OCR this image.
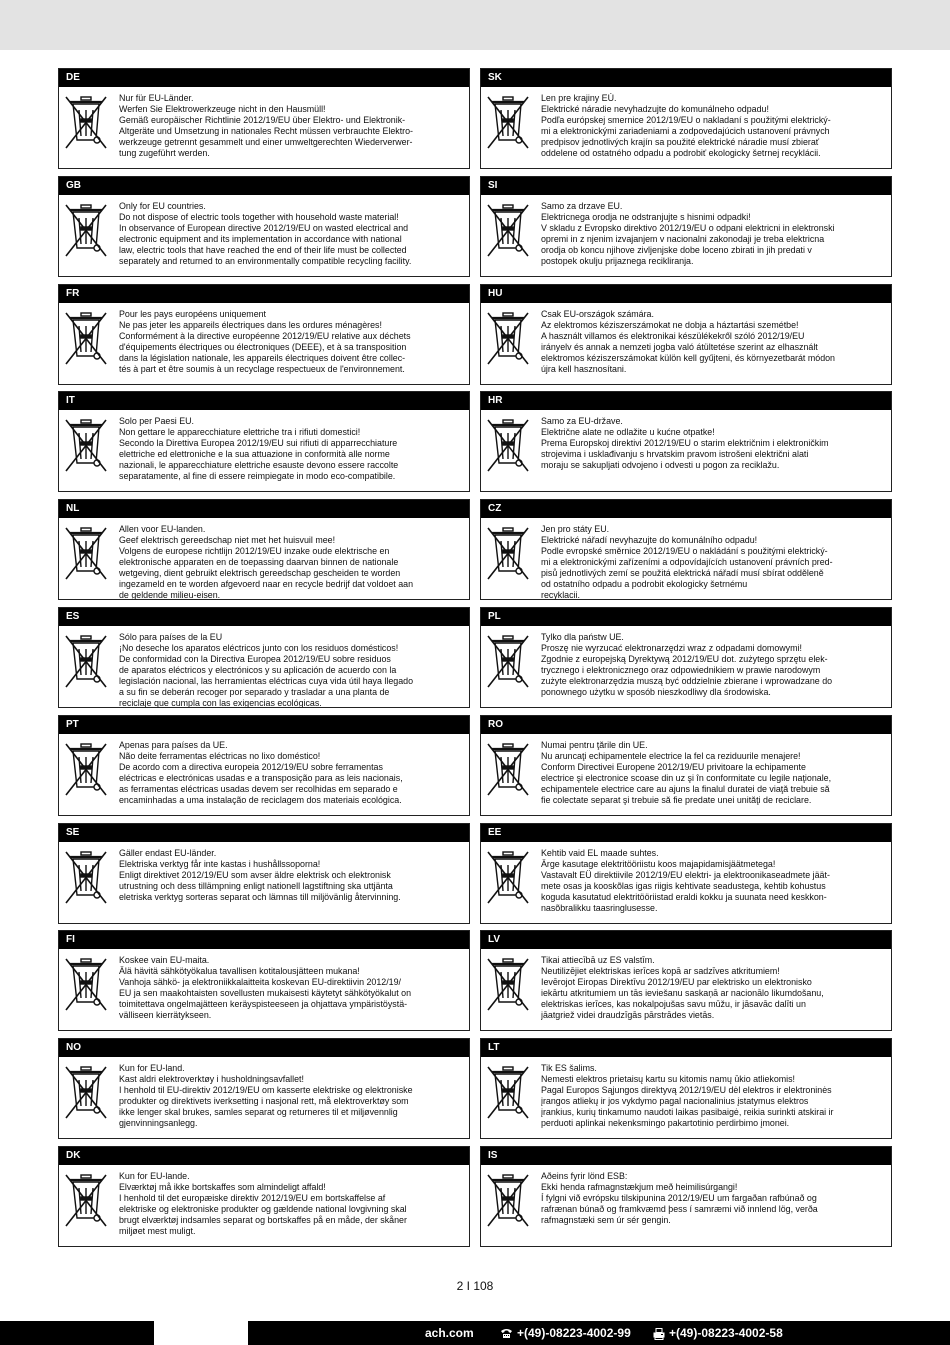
DE
Nur für EU-Länder.
Werfen Sie Elektrowerkzeuge nicht in den Hausmüll!
Gemäß europäischer Richtlinie 2012/19/EU über Elektro- und Elektronik-
Altgeräte und Umsetzung in nationales Recht müssen verbrauchte Elektro-
werkzeuge getrennt gesammelt und einer umweltgerechten Wiederverwer-
tung zugeführt werden.
SK
Len pre krajiny EÚ.
Elektrické náradie nevyhadzujte do komunálneho odpadu!
Podľa európskej smernice 2012/19/EU o nakladaní s použitými elektrický-
mi a elektronickými zariadeniami a zodpovedajúcich ustanovení právnych
predpisov jednotlivých krajín sa použité elektrické náradie musí zbierať
oddelene od ostatného odpadu a podrobiť ekologicky šetrnej recyklácii.
GB
Only for EU countries.
Do not dispose of electric tools together with household waste material!
In observance of European directive 2012/19/EU on wasted electrical and
electronic equipment and its implementation in accordance with national
law, electric tools that have reached the end of their life must be collected
separately and returned to an environmentally compatible recycling facility.
SI
Samo za drzave EU.
Elektricnega orodja ne odstranjujte s hisnimi odpadki!
V skladu z Evropsko direktivo 2012/19/EU o odpani elektricni in elektronski
opremi in z njenim izvajanjem v nacionalni zakonodaji je treba elektricna
orodja ob koncu njihove zivljenjske dobe loceno zbirati in jih predati v
postopek okulju prijaznega recikliranja.
FR
Pour les pays européens uniquement
Ne pas jeter les appareils électriques dans les ordures ménagères!
Conformément à la directive européenne 2012/19/EU relative aux déchets
d'équipements électriques ou électroniques (DEEE), et à sa transposition
dans la législation nationale, les appareils électriques doivent être collec-
tés à part et être soumis à un recyclage respectueux de l'environnement.
HU
Csak EU-országok számára.
Az elektromos kéziszerszámokat ne dobja a háztartási szemétbe!
A használt villamos és elektronikai készülékekről szóló 2012/19/EU
irányelv és annak a nemzeti jogba való átültetése szerint az elhasznált
elektromos kéziszerszámokat külön kell gyűjteni, és környezetbarát módon
újra kell hasznosítani.
IT
Solo per Paesi EU.
Non gettare le apparecchiature elettriche tra i rifiuti domestici!
Secondo la Direttiva Europea 2012/19/EU sui rifiuti di apparrecchiature
elettriche ed elettroniche e la sua attuazione in conformità alle norme
nazionali, le apparecchiature elettriche esauste devono essere raccolte
separatamente, al fine di essere reimpiegate in modo eco-compatibile.
HR
Samo za EU-države.
Električne alate ne odlažite u kućne otpatke!
Prema Europskoj direktivi 2012/19/EU o starim električnim i elektroničkim
strojevima i usklađivanju s hrvatskim pravom istrošeni električni alati
moraju se sakupljati odvojeno i odvesti u pogon za reciklažu.
NL
Allen voor EU-landen.
Geef elektrisch gereedschap niet met het huisvuil mee!
Volgens de europese richtlijn 2012/19/EU inzake oude elektrische en
elektronische apparaten en de toepassing daarvan binnen de nationale
wetgeving, dient gebruikt elektrisch gereedschap gescheiden te worden
ingezameld en te worden afgevoerd naar en recycle bedrijf dat voldoet aan
de geldende milieu-eisen.
CZ
Jen pro státy EU.
Elektrické nářadí nevyhazujte do komunálního odpadu!
Podle evropské směrnice 2012/19/EU o nakládání s použitými elektrický-
mi a elektronickými zařízeními a odpovídajících ustanovení právních pred-
pisů jednotlivých zemí se použitá elektrická nářadí musí sbírat odděleně
od ostatního odpadu a podrobit ekologicky šetrnému
recyklacii.
ES
Sólo para países de la EU
¡No deseche los aparatos eléctricos junto con los residuos domésticos!
De conformidad con la Directiva Europea 2012/19/EU sobre residuos
de aparatos eléctricos y electrónicos y su aplicación de acuerdo con la
legislación nacional, las herramientas eléctricas cuya vida útil haya llegado
a su fin se deberán recoger por separado y trasladar a una planta de
reciclaje que cumpla con las exigencias ecológicas.
PL
Tylko dla państw UE.
Proszę nie wyrzucać elektronarzędzi wraz z odpadami domowymi!
Zgodnie z europejską Dyrektywą 2012/19/EU dot. zużytego sprzętu elek-
trycznego i elektronicznego oraz odpowiednikiem w prawie narodowym
zużyte elektronarzędzia muszą być oddzielnie zbierane i wprowadzane do
ponownego użytku w sposób nieszkodliwy dla środowiska.
PT
Apenas para países da UE.
Não deite ferramentas eléctricas no lixo doméstico!
De acordo com a directiva europeia 2012/19/EU sobre ferramentas
eléctricas e electrónicas usadas e a transposição para as leis nacionais,
as ferramentas eléctricas usadas devem ser recolhidas em separado e
encaminhadas a uma instalação de reciclagem dos materiais ecológica.
RO
Numai pentru ţările din UE.
Nu aruncaţi echipamentele electrice la fel ca reziduurile menajere!
Conform Directivei Europene 2012/19/EU privitoare la echipamente
electrice şi electronice scoase din uz şi în conformitate cu legile naţionale,
echipamentele electrice care au ajuns la finalul duratei de viaţă trebuie să
fie colectate separat şi trebuie să fie predate unei unităţi de reciclare.
SE
Gäller endast EU-länder.
Elektriska verktyg får inte kastas i hushållssoporna!
Enligt direktivet 2012/19/EU som avser äldre elektrisk och elektronisk
utrustning och dess tillämpning enligt nationell lagstiftning ska uttjänta
eletriska verktyg sorteras separat och lämnas till miljövänlig återvinning.
EE
Kehtib vaid EL maade suhtes.
Ärge kasutage elektritööriistu koos majapidamisjäätmetega!
Vastavalt EÜ direktiivile 2012/19/EU elektri- ja elektroonikaseadmete jäät-
mete osas ja kooskõlas igas riigis kehtivate seadustega, kehtib kohustus
koguda kasutatud elektritööriistad eraldi kokku ja suunata need keskkon-
nasõbralikku taasringlusesse.
FI
Koskee vain EU-maita.
Älä hävitä sähkötyökalua tavallisen kotitalousjätteen mukana!
Vanhoja sähkö- ja elektroniikkalaitteita koskevan EU-direktiivin 2012/19/
EU ja sen maakohtaisten sovellusten mukaisesti käytetyt sähkötyökalut on
toimitettava ongelmajätteen keräyspisteeseen ja ohjattava ympäristöystä-
välliseen kierrätykseen.
LV
Tikai attiecībā uz ES valstīm.
Neutilizējiet elektriskas ierīces kopā ar sadzīves atkritumiem!
Ievērojot Eiropas Direktīvu 2012/19/EU par elektrisko un elektronisko
iekārtu atkritumiem un tās ieviešanu saskaņā ar nacionālo likumdošanu,
elektriskas ierīces, kas nokalpojušas savu mūžu, ir jāsavāc dalīti un
jāatgriež videi draudzīgās pārstrādes vietās.
NO
Kun for EU-land.
Kast aldri elektroverktøy i husholdningsavfallet!
I henhold til EU-direktiv 2012/19/EU om kasserte elektriske og elektroniske
produkter og direktivets iverksetting i nasjonal rett, må elektroverktøy som
ikke lenger skal brukes, samles separat og returneres til et miljøvennlig
gjenvinningsanlegg.
LT
Tik ES šalims.
Nemesti elektros prietaisų kartu su kitomis namų ūkio atliekomis!
Pagal Europos Sąjungos direktyvą 2012/19/EU dėl elektros ir elektroninės
įrangos atliekų ir jos vykdymo pagal nacionalinius įstatymus elektros
įrankius, kurių tinkamumo naudoti laikas pasibaigė, reikia surinkti atskirai ir
perduoti aplinkai nekenksmingo pakartotinio perdirbimo įmonei.
DK
Kun for EU-lande.
Elværktøj må ikke bortskaffes som almindeligt affald!
I henhold til det europæiske direktiv 2012/19/EU em bortskaffelse af
elektriske og elektroniske produkter og gældende national lovgivning skal
brugt elværktøj indsamles separat og bortskaffes på en måde, der skåner
miljøet mest muligt.
IS
Aðeins fyrir lönd ESB:
Ekki henda rafmagnstækjum með heimilisúrgangi!
Í fylgni við evrópsku tilskipunina 2012/19/EU um fargaðan rafbúnað og
rafrænan búnað og framkvæmd þess í samræmi við innlend lög, verða
rafmagnstæki sem úr sér gengin.
2 I 108
ach.com	+(49)-08223-4002-99	+(49)-08223-4002-58
